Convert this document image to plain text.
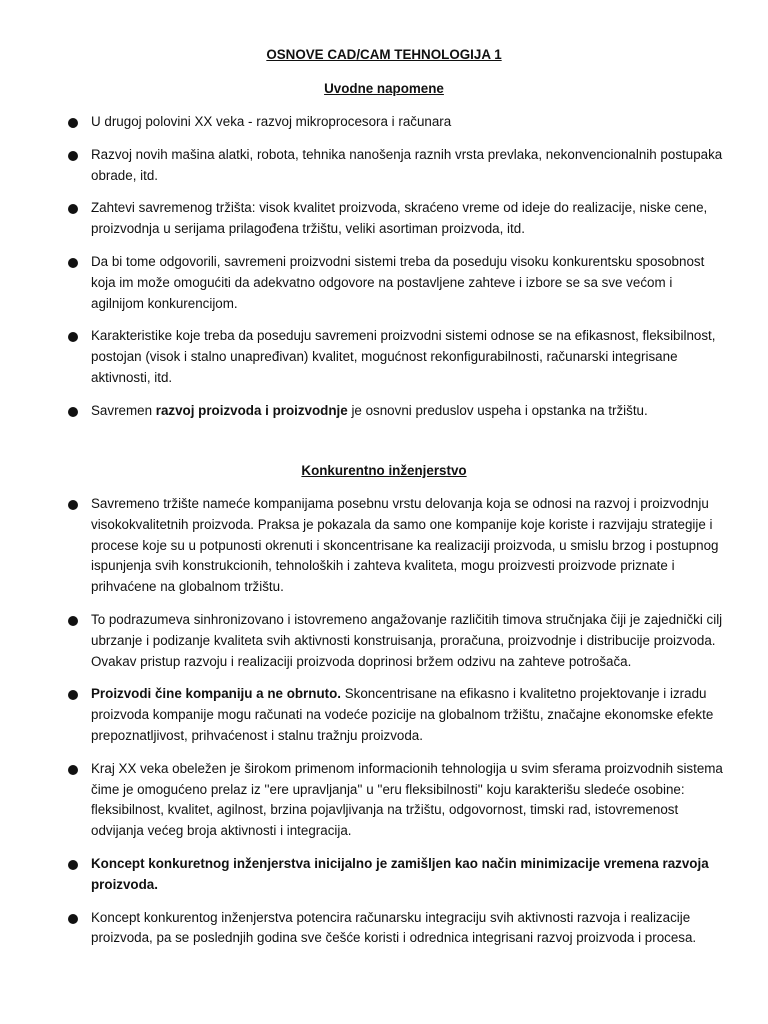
OSNOVE CAD/CAM TEHNOLOGIJA 1
Uvodne napomene
U drugoj polovini XX veka - razvoj mikroprocesora i računara
Razvoj novih mašina alatki, robota, tehnika nanošenja raznih vrsta prevlaka, nekonvencionalnih postupaka obrade, itd.
Zahtevi savremenog tržišta: visok kvalitet proizvoda, skraćeno vreme od ideje do realizacije, niske cene, proizvodnja u serijama prilagođena tržištu, veliki asortiman proizvoda, itd.
Da bi tome odgovorili, savremeni proizvodni sistemi treba da poseduju visoku konkurentsku sposobnost koja im može omogućiti da adekvatno odgovore na postavljene zahteve i izbore se sa sve većom i agilnijom konkurencijom.
Karakteristike koje treba da poseduju savremeni proizvodni sistemi odnose se na efikasnost, fleksibilnost, postojan (visok i stalno unapređivan) kvalitet, mogućnost rekonfigurabilnosti, računarski integrisane aktivnosti, itd.
Savremen razvoj proizvoda i proizvodnje je osnovni preduslov uspeha i opstanka na tržištu.
Konkurentno inženjerstvo
Savremeno tržište nameće kompanijama posebnu vrstu delovanja koja se odnosi na razvoj i proizvodnju visokokvalitetnih proizvoda. Praksa je pokazala da samo one kompanije koje koriste i razvijaju strategije i procese koje su u potpunosti okrenuti i skoncentrisane ka realizaciji proizvoda, u smislu brzog i postupnog ispunjenja svih konstrukcionih, tehnoloških i zahteva kvaliteta, mogu proizvesti proizvode priznate i prihvaćene na globalnom tržištu.
To podrazumeva sinhronizovano i istovremeno angažovanje različitih timova stručnjaka čiji je zajednički cilj ubrzanje i podizanje kvaliteta svih aktivnosti konstruisanja, proračuna, proizvodnje i distribucije proizvoda. Ovakav pristup razvoju i realizaciji proizvoda doprinosi bržem odzivu na zahteve potrošača.
Proizvodi čine kompaniju a ne obrnuto. Skoncentrisane na efikasno i kvalitetno projektovanje i izradu proizvoda kompanije mogu računati na vodeće pozicije na globalnom tržištu, značajne ekonomske efekte prepoznatljivost, prihvaćenost i stalnu tražnju proizvoda.
Kraj XX veka obeležen je širokom primenom informacionih tehnologija u svim sferama proizvodnih sistema čime je omogućeno prelaz iz ''ere upravljanja'' u ''eru fleksibilnosti'' koju karakterišu sledeće osobine: fleksibilnost, kvalitet, agilnost, brzina pojavljivanja na tržištu, odgovornost, timski rad, istovremenost odvijanja većeg broja aktivnosti i integracija.
Koncept konkuretnog inženjerstva inicijalno je zamišljen kao način minimizacije vremena razvoja proizvoda.
Koncept konkurentog inženjerstva potencira računarsku integraciju svih aktivnosti razvoja i realizacije proizvoda, pa se poslednjih godina sve češće koristi i odrednica integrisani razvoj proizvoda i procesa.
